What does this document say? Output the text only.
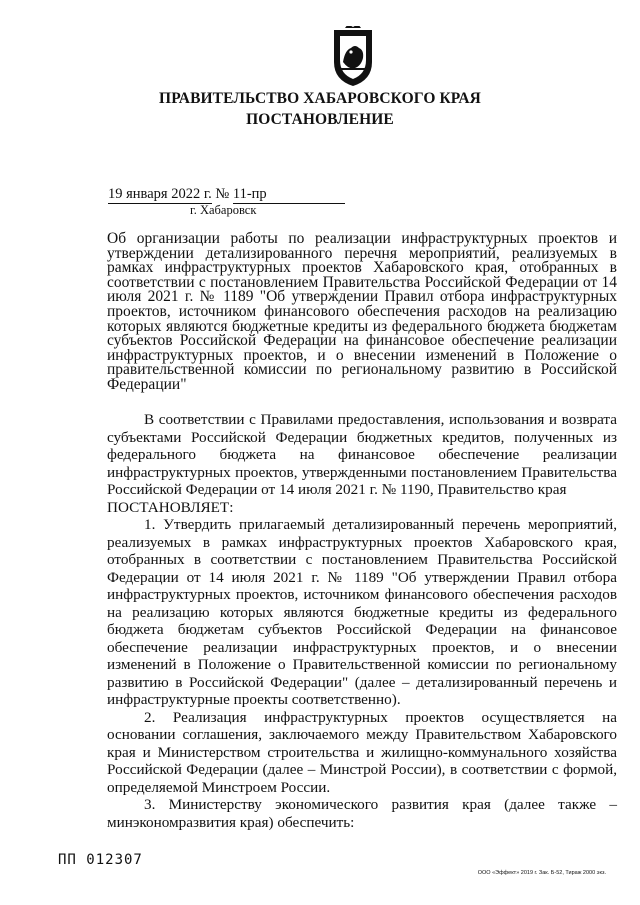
ПРАВИТЕЛЬСТВО ХАБАРОВСКОГО КРАЯ
ПОСТАНОВЛЕНИЕ
19 января 2022 г. № 11-пр
г. Хабаровск
Об организации работы по реализации инфраструктурных проектов и утверждении детализированного перечня мероприятий, реализуемых в рамках инфраструктурных проектов Хабаровского края, отобранных в соответствии с постановлением Правительства Российской Федерации от 14 июля 2021 г. № 1189 "Об утверждении Правил отбора инфраструктурных проектов, источником финансового обеспечения расходов на реализацию которых являются бюджетные кредиты из федерального бюджета бюджетам субъектов Российской Федерации на финансовое обеспечение реализации инфраструктурных проектов, и о внесении изменений в Положение о правительственной комиссии по региональному развитию в Российской Федерации"

В соответствии с Правилами предоставления, использования и возврата субъектами Российской Федерации бюджетных кредитов, полученных из федерального бюджета на финансовое обеспечение реализации инфраструктурных проектов, утвержденными постановлением Правительства Российской Федерации от 14 июля 2021 г. № 1190, Правительство края

ПОСТАНОВЛЯЕТ:

1. Утвердить прилагаемый детализированный перечень мероприятий, реализуемых в рамках инфраструктурных проектов Хабаровского края, отобранных в соответствии с постановлением Правительства Российской Федерации от 14 июля 2021 г. № 1189 "Об утверждении Правил отбора инфраструктурных проектов, источником финансового обеспечения расходов на реализацию которых являются бюджетные кредиты из федерального бюджета бюджетам субъектов Российской Федерации на финансовое обеспечение реализации инфраструктурных проектов, и о внесении изменений в Положение о Правительственной комиссии по региональному развитию в Российской Федерации" (далее – детализированный перечень и инфраструктурные проекты соответственно).

2. Реализация инфраструктурных проектов осуществляется на основании соглашения, заключаемого между Правительством Хабаровского края и Министерством строительства и жилищно-коммунального хозяйства Российской Федерации (далее – Минстрой России), в соответствии с формой, определяемой Минстроем России.

3. Министерству экономического развития края (далее также – минэкономразвития края) обеспечить:

ПП 012307
ООО «Эффект» 2019 г. Зак. Б-52, Тираж 2000 экз.
